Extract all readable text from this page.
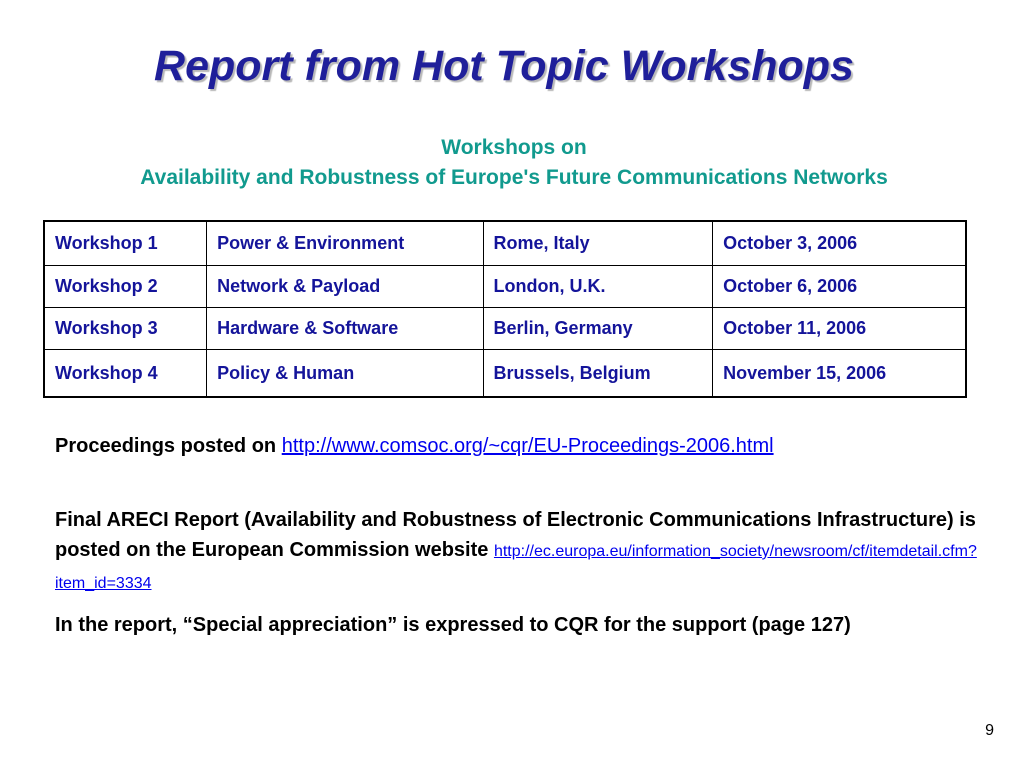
Report from Hot Topic Workshops
Workshops on
Availability and Robustness of Europe's Future Communications Networks
Workshop 1	Power & Environment	Rome, Italy	October 3, 2006
Workshop 2	Network & Payload	London, U.K.	October 6, 2006
Workshop 3	Hardware & Software	Berlin, Germany	October 11, 2006
Workshop 4	Policy & Human	Brussels, Belgium	November 15, 2006
Proceedings posted on http://www.comsoc.org/~cqr/EU-Proceedings-2006.html
Final ARECI Report (Availability and Robustness of Electronic Communications Infrastructure) is posted on the European Commission website http://ec.europa.eu/information_society/newsroom/cf/itemdetail.cfm?item_id=3334
In the report, “Special appreciation” is expressed to CQR for the support (page 127)
9
